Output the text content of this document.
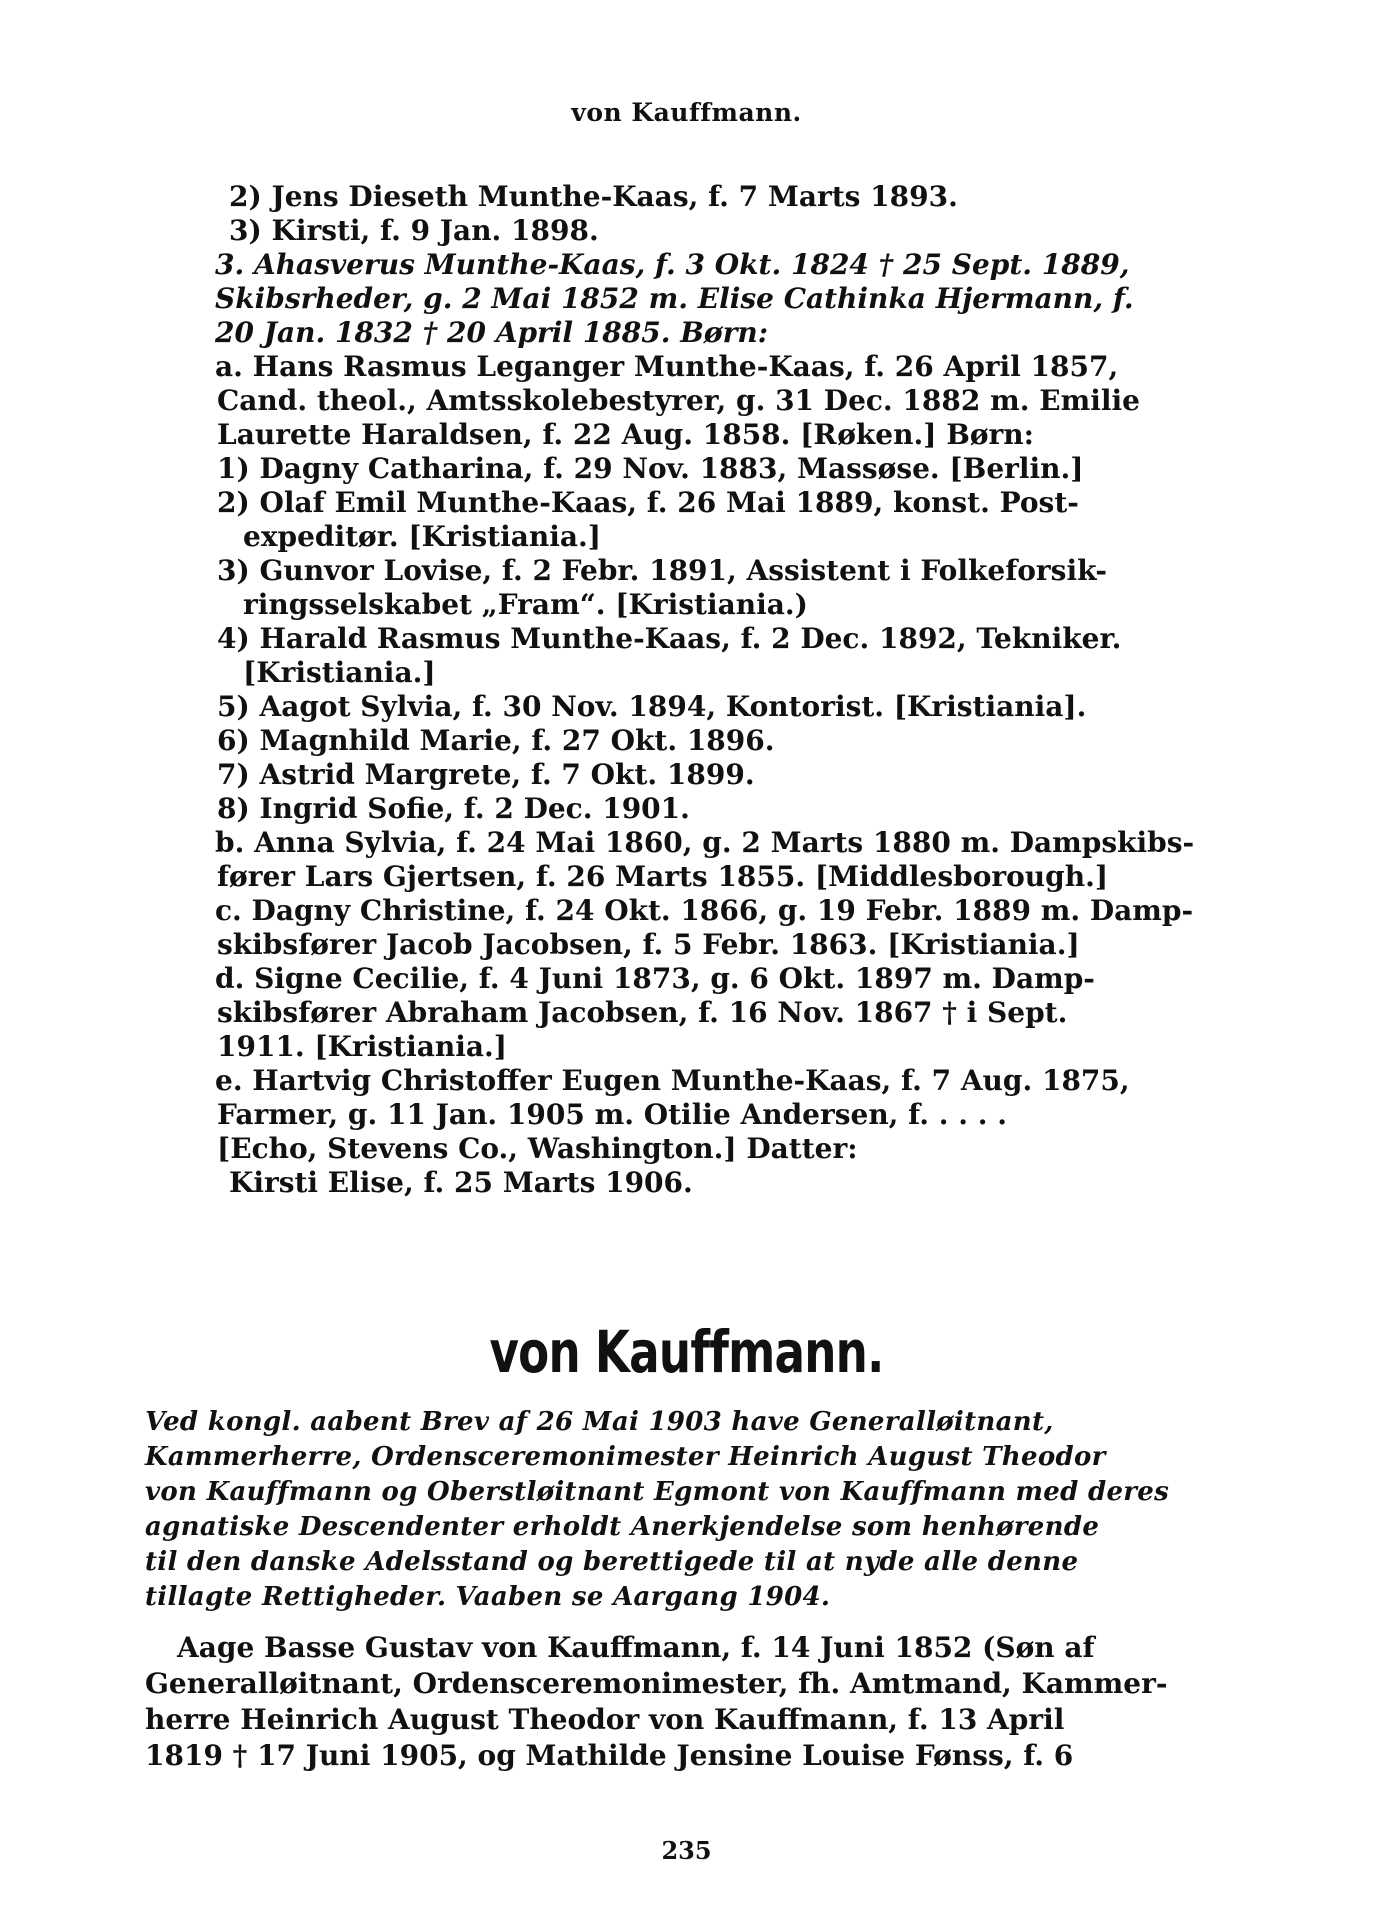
von Kauffmann.
2) Jens Dieseth Munthe-Kaas, f. 7 Marts 1893.
3) Kirsti, f. 9 Jan. 1898.
3. Ahasverus Munthe-Kaas, f. 3 Okt. 1824 † 25 Sept. 1889,
Skibsrheder, g. 2 Mai 1852 m. Elise Cathinka Hjermann, f.
20 Jan. 1832 † 20 April 1885. Børn:
a. Hans Rasmus Leganger Munthe-Kaas, f. 26 April 1857,
Cand. theol., Amtsskolebestyrer, g. 31 Dec. 1882 m. Emilie
Laurette Haraldsen, f. 22 Aug. 1858. [Røken.] Børn:
1) Dagny Catharina, f. 29 Nov. 1883, Massøse. [Berlin.]
2) Olaf Emil Munthe-Kaas, f. 26 Mai 1889, konst. Post-
expeditør. [Kristiania.]
3) Gunvor Lovise, f. 2 Febr. 1891, Assistent i Folkeforsik-
ringsselskabet „Fram“. [Kristiania.)
4) Harald Rasmus Munthe-Kaas, f. 2 Dec. 1892, Tekniker.
[Kristiania.]
5) Aagot Sylvia, f. 30 Nov. 1894, Kontorist. [Kristiania].
6) Magnhild Marie, f. 27 Okt. 1896.
7) Astrid Margrete, f. 7 Okt. 1899.
8) Ingrid Sofie, f. 2 Dec. 1901.
b. Anna Sylvia, f. 24 Mai 1860, g. 2 Marts 1880 m. Dampskibs-
fører Lars Gjertsen, f. 26 Marts 1855. [Middlesborough.]
c. Dagny Christine, f. 24 Okt. 1866, g. 19 Febr. 1889 m. Damp-
skibsfører Jacob Jacobsen, f. 5 Febr. 1863. [Kristiania.]
d. Signe Cecilie, f. 4 Juni 1873, g. 6 Okt. 1897 m. Damp-
skibsfører Abraham Jacobsen, f. 16 Nov. 1867 † i Sept.
1911. [Kristiania.]
e. Hartvig Christoffer Eugen Munthe-Kaas, f. 7 Aug. 1875,
Farmer, g. 11 Jan. 1905 m. Otilie Andersen, f. . . . .
[Echo, Stevens Co., Washington.] Datter:
Kirsti Elise, f. 25 Marts 1906.
von Kauffmann.
Ved kongl. aabent Brev af 26 Mai 1903 have Generalløitnant,
Kammerherre, Ordensceremonimester Heinrich August Theodor
von Kauffmann og Oberstløitnant Egmont von Kauffmann med deres
agnatiske Descendenter erholdt Anerkjendelse som henhørende
til den danske Adelsstand og berettigede til at nyde alle denne
tillagte Rettigheder. Vaaben se Aargang 1904.
Aage Basse Gustav von Kauffmann, f. 14 Juni 1852 (Søn af
Generalløitnant, Ordensceremonimester, fh. Amtmand, Kammer-
herre Heinrich August Theodor von Kauffmann, f. 13 April
1819 † 17 Juni 1905, og Mathilde Jensine Louise Fønss, f. 6
235
